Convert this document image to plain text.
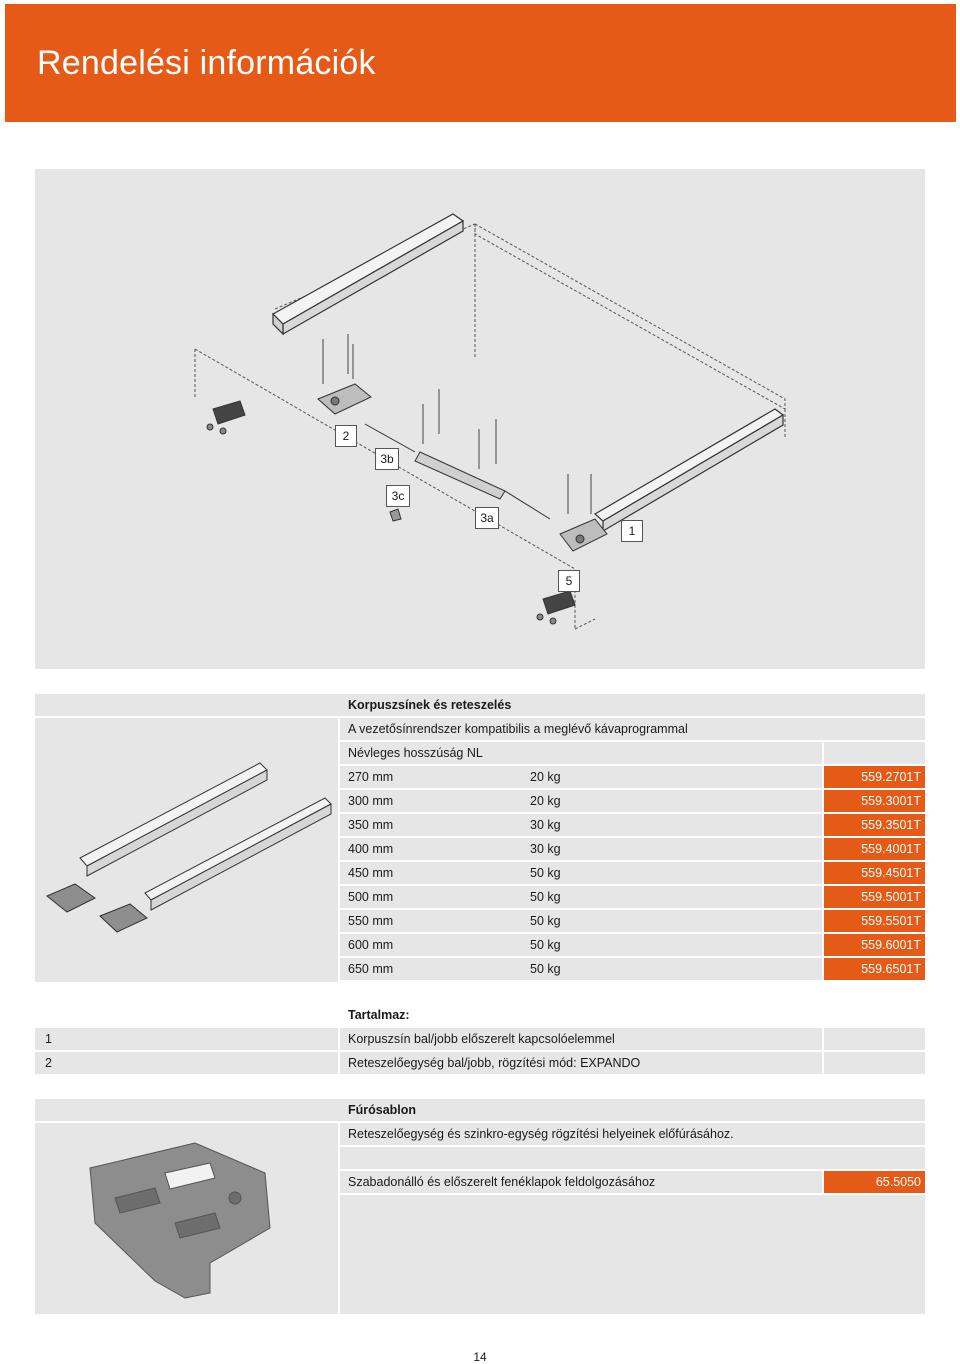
Rendelési információk
2
3b
3c
3a
1
5
Korpuszsínek és reteszelés
A vezetősínrendszer kompatibilis a meglévő kávaprogrammal
Névleges hosszúság NL
270 mm	20 kg	559.2701T
300 mm	20 kg	559.3001T
350 mm	30 kg	559.3501T
400 mm	30 kg	559.4001T
450 mm	50 kg	559.4501T
500 mm	50 kg	559.5001T
550 mm	50 kg	559.5501T
600 mm	50 kg	559.6001T
650 mm	50 kg	559.6501T
Tartalmaz:
1	Korpuszsín bal/jobb előszerelt kapcsolóelemmel
2	Reteszelőegység bal/jobb, rögzítési mód: EXPANDO
Fúrósablon
Reteszelőegység és szinkro-egység rögzítési helyeinek előfúrásához.
Szabadonálló és előszerelt fenéklapok feldolgozásához	65.5050
14
